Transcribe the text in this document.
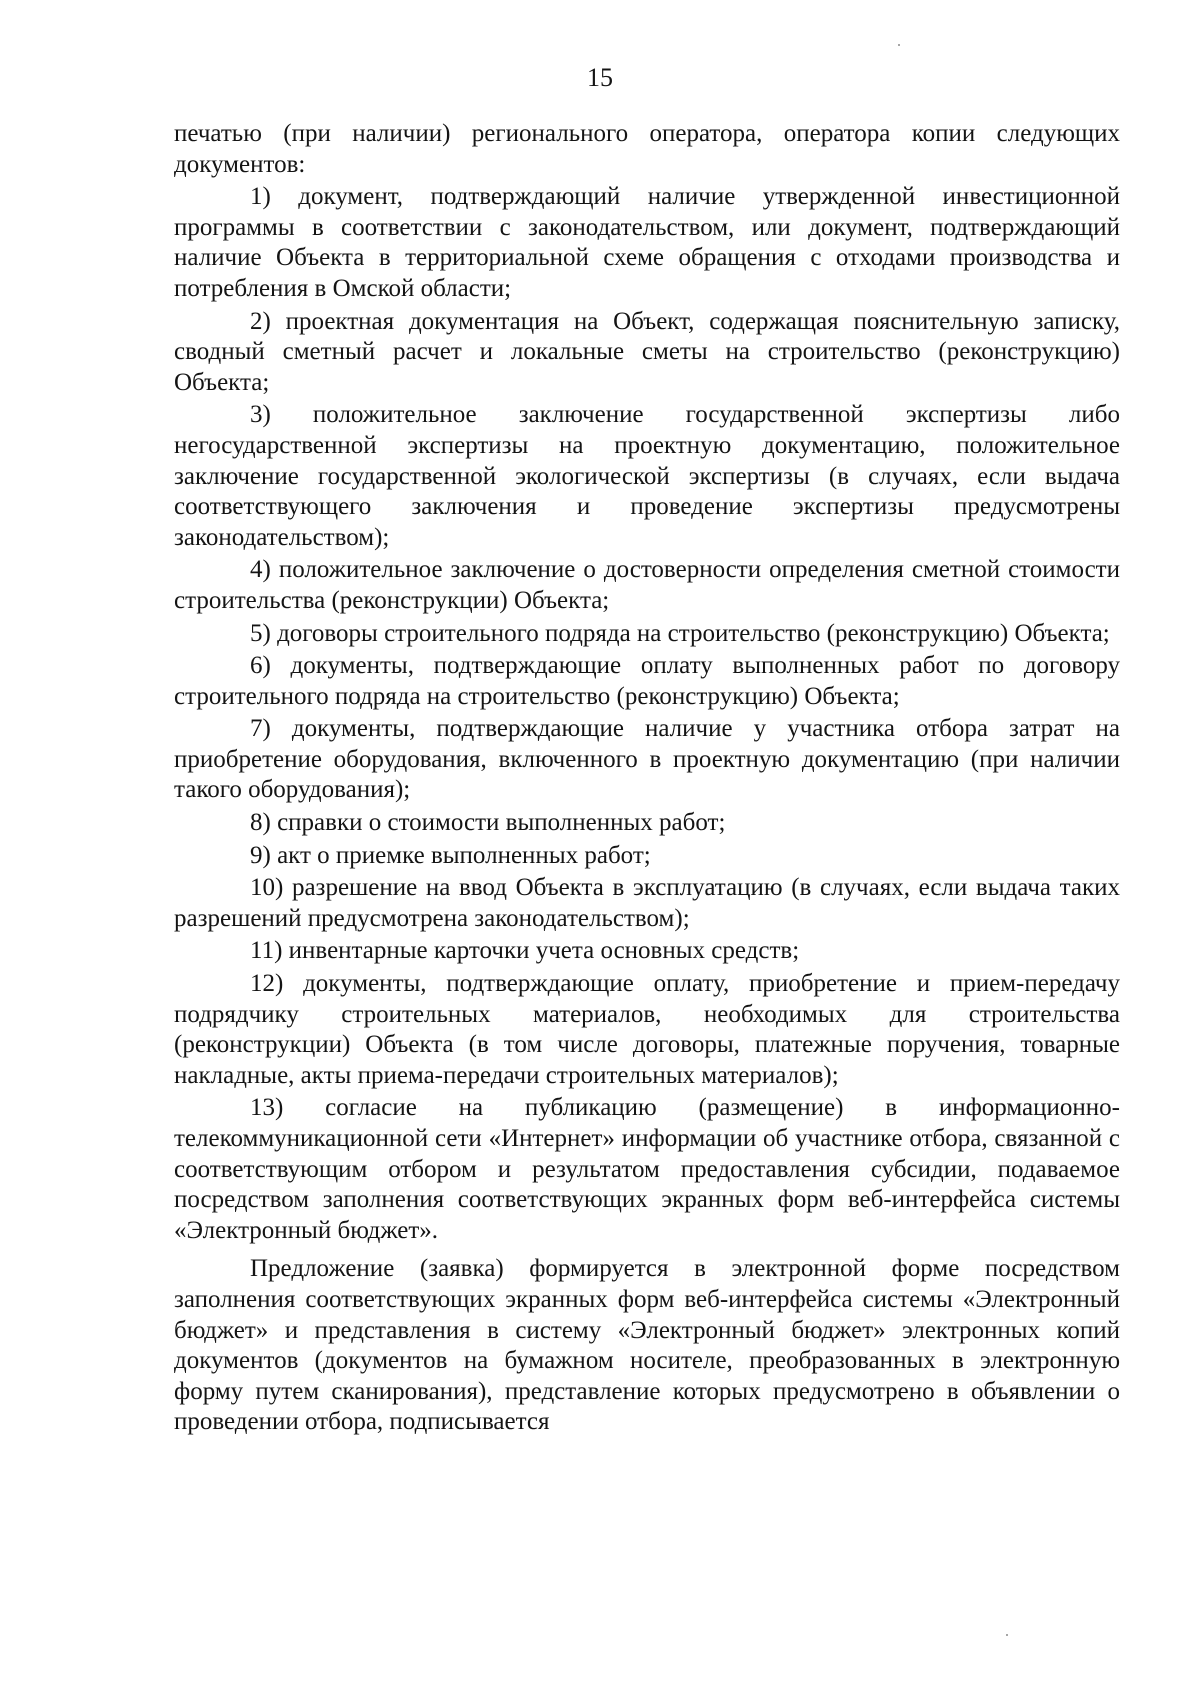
15

печатью (при наличии) регионального оператора, оператора копии следующих документов:

1) документ, подтверждающий наличие утвержденной инвестиционной программы в соответствии с законодательством, или документ, подтверждающий наличие Объекта в территориальной схеме обращения с отходами производства и потребления в Омской области;

2) проектная документация на Объект, содержащая пояснительную записку, сводный сметный расчет и локальные сметы на строительство (реконструкцию) Объекта;

3) положительное заключение государственной экспертизы либо негосударственной экспертизы на проектную документацию, положительное заключение государственной экологической экспертизы (в случаях, если выдача соответствующего заключения и проведение экспертизы предусмотрены законодательством);

4) положительное заключение о достоверности определения сметной стоимости строительства (реконструкции) Объекта;

5) договоры строительного подряда на строительство (реконструкцию) Объекта;

6) документы, подтверждающие оплату выполненных работ по договору строительного подряда на строительство (реконструкцию) Объекта;

7) документы, подтверждающие наличие у участника отбора затрат на приобретение оборудования, включенного в проектную документацию (при наличии такого оборудования);

8) справки о стоимости выполненных работ;

9) акт о приемке выполненных работ;

10) разрешение на ввод Объекта в эксплуатацию (в случаях, если выдача таких разрешений предусмотрена законодательством);

11) инвентарные карточки учета основных средств;

12) документы, подтверждающие оплату, приобретение и прием-передачу подрядчику строительных материалов, необходимых для строительства (реконструкции) Объекта (в том числе договоры, платежные поручения, товарные накладные, акты приема-передачи строительных материалов);

13) согласие на публикацию (размещение) в информационно-телекоммуникационной сети «Интернет» информации об участнике отбора, связанной с соответствующим отбором и результатом предоставления субсидии, подаваемое посредством заполнения соответствующих экранных форм веб-интерфейса системы «Электронный бюджет».

Предложение (заявка) формируется в электронной форме посредством заполнения соответствующих экранных форм веб-интерфейса системы «Электронный бюджет» и представления в систему «Электронный бюджет» электронных копий документов (документов на бумажном носителе, преобразованных в электронную форму путем сканирования), представление которых предусмотрено в объявлении о проведении отбора, подписывается
